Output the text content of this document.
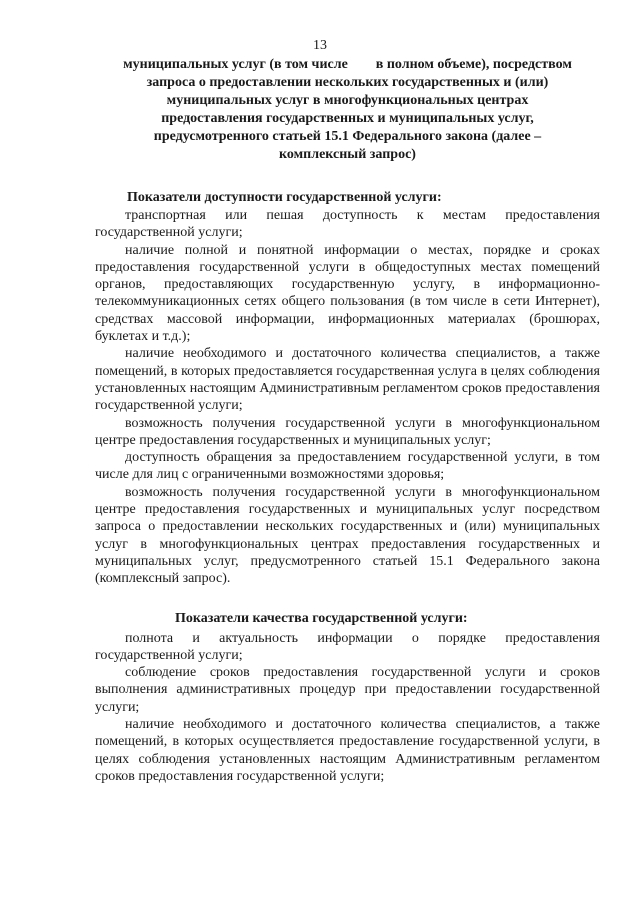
13
муниципальных услуг (в том числе        в полном объеме), посредством
запроса о предоставлении нескольких государственных и (или)
муниципальных услуг в многофункциональных центрах
предоставления государственных и муниципальных услуг,
предусмотренного статьей 15.1 Федерального закона (далее –
комплексный запрос)
Показатели доступности государственной услуги:

транспортная или пешая доступность к местам предоставления государственной услуги;

наличие полной и понятной информации о местах, порядке и сроках предоставления государственной услуги в общедоступных местах помещений органов, предоставляющих государственную услугу, в информационно-телекоммуникационных сетях общего пользования (в том числе в сети Интернет), средствах массовой информации, информационных материалах (брошюрах, буклетах и т.д.);

наличие необходимого и достаточного количества специалистов, а также помещений, в которых предоставляется государственная услуга в целях соблюдения установленных настоящим Административным регламентом сроков предоставления государственной услуги;

возможность получения государственной услуги в многофункциональном центре предоставления государственных и муниципальных услуг;

доступность обращения за предоставлением государственной услуги, в том числе для лиц с ограниченными возможностями здоровья;

возможность получения государственной услуги в многофункциональном центре предоставления государственных и муниципальных услуг посредством запроса о предоставлении нескольких государственных и (или) муниципальных услуг в многофункциональных центрах предоставления государственных и муниципальных услуг, предусмотренного статьей 15.1 Федерального закона (комплексный запрос).

Показатели качества государственной услуги:

полнота и актуальность информации о порядке предоставления государственной услуги;

соблюдение сроков предоставления государственной услуги и сроков выполнения административных процедур при предоставлении государственной услуги;

наличие необходимого и достаточного количества специалистов, а также помещений, в которых осуществляется предоставление государственной услуги, в целях соблюдения установленных настоящим Административным регламентом сроков предоставления государственной услуги;
